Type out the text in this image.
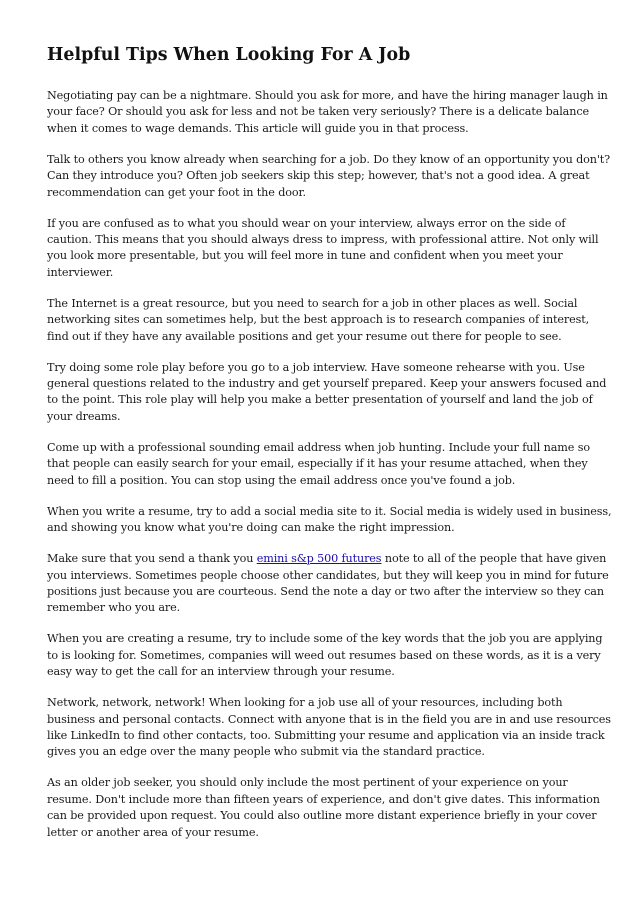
Helpful Tips When Looking For A Job

Negotiating pay can be a nightmare. Should you ask for more, and have the hiring manager laugh in
your face? Or should you ask for less and not be taken very seriously? There is a delicate balance
when it comes to wage demands. This article will guide you in that process.

Talk to others you know already when searching for a job. Do they know of an opportunity you don't?
Can they introduce you? Often job seekers skip this step; however, that's not a good idea. A great
recommendation can get your foot in the door.

If you are confused as to what you should wear on your interview, always error on the side of
caution. This means that you should always dress to impress, with professional attire. Not only will
you look more presentable, but you will feel more in tune and confident when you meet your
interviewer.

The Internet is a great resource, but you need to search for a job in other places as well. Social
networking sites can sometimes help, but the best approach is to research companies of interest,
find out if they have any available positions and get your resume out there for people to see.

Try doing some role play before you go to a job interview. Have someone rehearse with you. Use
general questions related to the industry and get yourself prepared. Keep your answers focused and
to the point. This role play will help you make a better presentation of yourself and land the job of
your dreams.

Come up with a professional sounding email address when job hunting. Include your full name so
that people can easily search for your email, especially if it has your resume attached, when they
need to fill a position. You can stop using the email address once you've found a job.

When you write a resume, try to add a social media site to it. Social media is widely used in business,
and showing you know what you're doing can make the right impression.

Make sure that you send a thank you emini s&p 500 futures note to all of the people that have given
you interviews. Sometimes people choose other candidates, but they will keep you in mind for future
positions just because you are courteous. Send the note a day or two after the interview so they can
remember who you are.

When you are creating a resume, try to include some of the key words that the job you are applying
to is looking for. Sometimes, companies will weed out resumes based on these words, as it is a very
easy way to get the call for an interview through your resume.

Network, network, network! When looking for a job use all of your resources, including both
business and personal contacts. Connect with anyone that is in the field you are in and use resources
like LinkedIn to find other contacts, too. Submitting your resume and application via an inside track
gives you an edge over the many people who submit via the standard practice.

As an older job seeker, you should only include the most pertinent of your experience on your
resume. Don't include more than fifteen years of experience, and don't give dates. This information
can be provided upon request. You could also outline more distant experience briefly in your cover
letter or another area of your resume.
